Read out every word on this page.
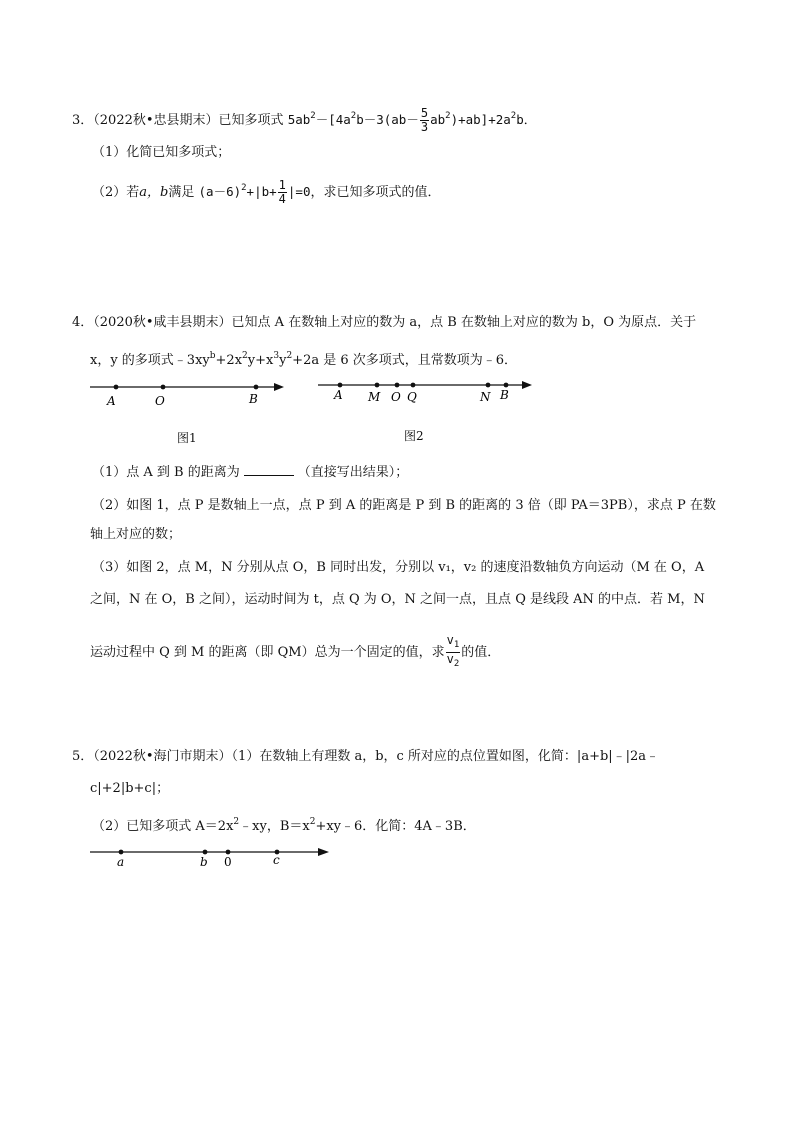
3．（2022秋•忠县期末）已知多项式 $5ab^2-[4a^2b-3(ab- \frac{5}{3} ab^2)+ab]+2a^2b$．
（1）化简已知多项式；
（2）若a，b满足 $(a-6)^2+|b+ \frac{1}{4} |=0$，求已知多项式的值．
4．（2020秋•咸丰县期末）已知点 A 在数轴上对应的数为 a，点 B 在数轴上对应的数为 b，O 为原点．关于
x，y 的多项式$﹣3xy^b+2x^2y+x^3y^2+2a$ 是 6 次多项式，且常数项为﹣6．
A	O	B
图1
A M O Q	N B
图2
（1）点 A 到 B 的距离为	（直接写出结果）；
（2）如图 1，点 P 是数轴上一点，点 P 到 A 的距离是 P 到 B 的距离的 3 倍（即 PA＝3PB），求点 P 在数
轴上对应的数；
（3）如图 2，点 M，N 分别从点 O，B 同时出发，分别以 v₁，v₂ 的速度沿数轴负方向运动（M 在 O，A
之间，N 在 O，B 之间），运动时间为 t，点 Q 为 O，N 之间一点，且点 Q 是线段 AN 的中点．若 M，N
运动过程中 Q 到 M 的距离（即 QM）总为一个固定的值，求 $\frac{v_1}{v_2}$ 的值．
5．（2022秋•海门市期末）（1）在数轴上有理数 a，b，c 所对应的点位置如图，化简：|a+b|﹣|2a﹣
c|+2|b+c|；
（2）已知多项式 $A=2x^2﹣xy$，$B=x^2+xy﹣6$．化简：4A﹣3B．
a	b 0	c
